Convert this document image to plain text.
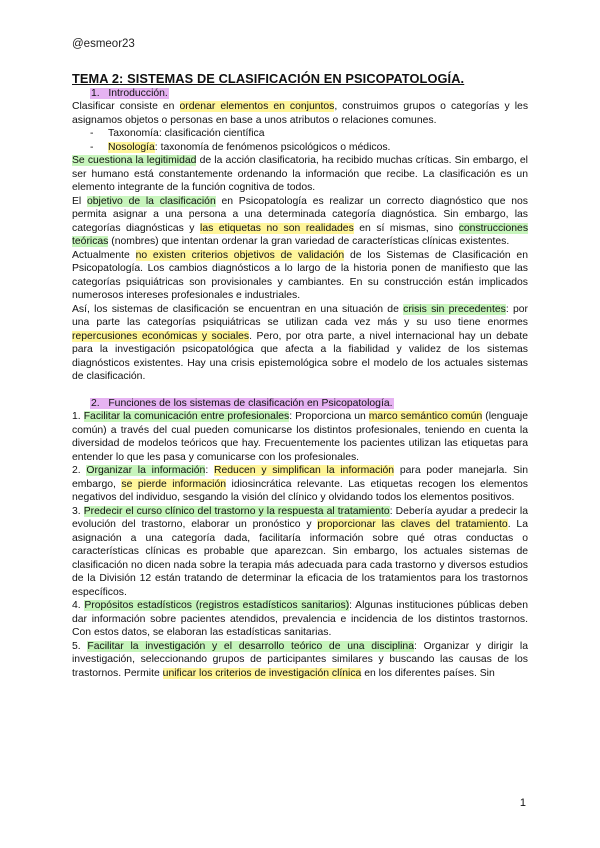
@esmeor23
TEMA 2: SISTEMAS DE CLASIFICACIÓN EN PSICOPATOLOGÍA.
1.   Introducción.

Clasificar consiste en ordenar elementos en conjuntos, construimos grupos o categorías y les asignamos objetos o personas en base a unos atributos o relaciones comunes.

-	Taxonomía: clasificación científica
-	Nosología: taxonomía de fenómenos psicológicos o médicos.

Se cuestiona la legitimidad de la acción clasificatoria, ha recibido muchas críticas. Sin embargo, el ser humano está constantemente ordenando la información que recibe. La clasificación es un elemento integrante de la función cognitiva de todos.

El objetivo de la clasificación en Psicopatología es realizar un correcto diagnóstico que nos permita asignar a una persona a una determinada categoría diagnóstica. Sin embargo, las categorías diagnósticas y las etiquetas no son realidades en sí mismas, sino construcciones teóricas (nombres) que intentan ordenar la gran variedad de características clínicas existentes.

Actualmente no existen criterios objetivos de validación de los Sistemas de Clasificación en Psicopatología. Los cambios diagnósticos a lo largo de la historia ponen de manifiesto que las categorías psiquiátricas son provisionales y cambiantes. En su construcción están implicados numerosos intereses profesionales e industriales.

Así, los sistemas de clasificación se encuentran en una situación de crisis sin precedentes: por una parte las categorías psiquiátricas se utilizan cada vez más y su uso tiene enormes repercusiones económicas y sociales. Pero, por otra parte, a nivel internacional hay un debate para la investigación psicopatológica que afecta a la fiabilidad y validez de los sistemas diagnósticos existentes. Hay una crisis epistemológica sobre el modelo de los actuales sistemas de clasificación.

2.   Funciones de los sistemas de clasificación en Psicopatología.

1. Facilitar la comunicación entre profesionales: Proporciona un marco semántico común (lenguaje común) a través del cual pueden comunicarse los distintos profesionales, teniendo en cuenta la diversidad de modelos teóricos que hay. Frecuentemente los pacientes utilizan las etiquetas para entender lo que les pasa y comunicarse con los profesionales.

2. Organizar la información: Reducen y simplifican la información para poder manejarla. Sin embargo, se pierde información idiosincrática relevante. Las etiquetas recogen los elementos negativos del individuo, sesgando la visión del clínico y olvidando todos los elementos positivos.

3. Predecir el curso clínico del trastorno y la respuesta al tratamiento: Debería ayudar a predecir la evolución del trastorno, elaborar un pronóstico y proporcionar las claves del tratamiento. La asignación a una categoría dada, facilitaría información sobre qué otras conductas o características clínicas es probable que aparezcan. Sin embargo, los actuales sistemas de clasificación no dicen nada sobre la terapia más adecuada para cada trastorno y diversos estudios de la División 12 están tratando de determinar la eficacia de los tratamientos para los trastornos específicos.

4. Propósitos estadísticos (registros estadísticos sanitarios): Algunas instituciones públicas deben dar información sobre pacientes atendidos, prevalencia e incidencia de los distintos trastornos. Con estos datos, se elaboran las estadísticas sanitarias.

5. Facilitar la investigación y el desarrollo teórico de una disciplina: Organizar y dirigir la investigación, seleccionando grupos de participantes similares y buscando las causas de los trastornos. Permite unificar los criterios de investigación clínica en los diferentes países. Sin

1
